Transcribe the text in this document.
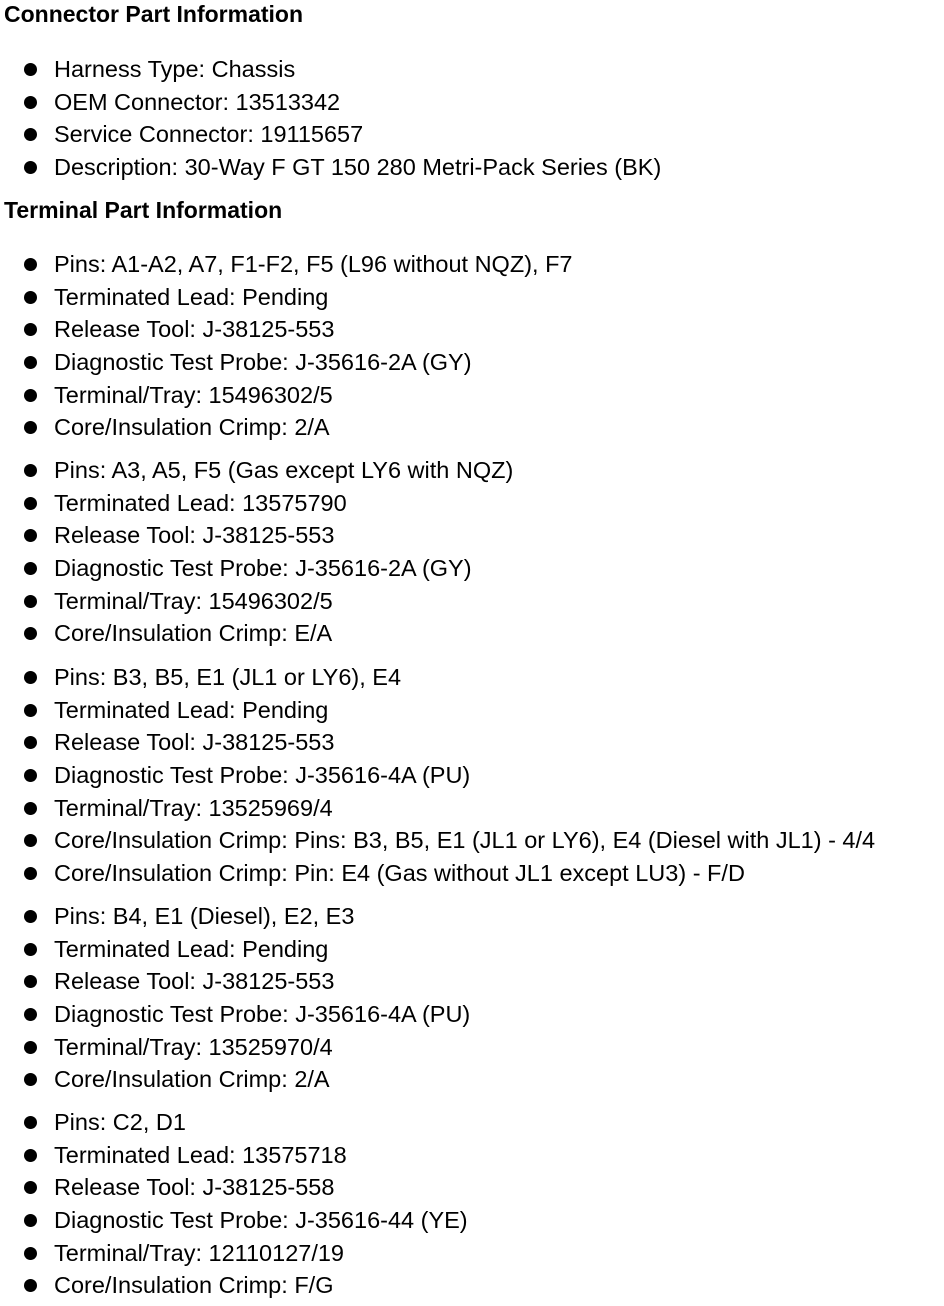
Connector Part Information
Harness Type: Chassis
OEM Connector: 13513342
Service Connector: 19115657
Description: 30-Way F GT 150 280 Metri-Pack Series (BK)
Terminal Part Information
Pins: A1-A2, A7, F1-F2, F5 (L96 without NQZ), F7
Terminated Lead: Pending
Release Tool: J-38125-553
Diagnostic Test Probe: J-35616-2A (GY)
Terminal/Tray: 15496302/5
Core/Insulation Crimp: 2/A
Pins: A3, A5, F5 (Gas except LY6 with NQZ)
Terminated Lead: 13575790
Release Tool: J-38125-553
Diagnostic Test Probe: J-35616-2A (GY)
Terminal/Tray: 15496302/5
Core/Insulation Crimp: E/A
Pins: B3, B5, E1 (JL1 or LY6), E4
Terminated Lead: Pending
Release Tool: J-38125-553
Diagnostic Test Probe: J-35616-4A (PU)
Terminal/Tray: 13525969/4
Core/Insulation Crimp: Pins: B3, B5, E1 (JL1 or LY6), E4 (Diesel with JL1) - 4/4
Core/Insulation Crimp: Pin: E4 (Gas without JL1 except LU3) - F/D
Pins: B4, E1 (Diesel), E2, E3
Terminated Lead: Pending
Release Tool: J-38125-553
Diagnostic Test Probe: J-35616-4A (PU)
Terminal/Tray: 13525970/4
Core/Insulation Crimp: 2/A
Pins: C2, D1
Terminated Lead: 13575718
Release Tool: J-38125-558
Diagnostic Test Probe: J-35616-44 (YE)
Terminal/Tray: 12110127/19
Core/Insulation Crimp: F/G
